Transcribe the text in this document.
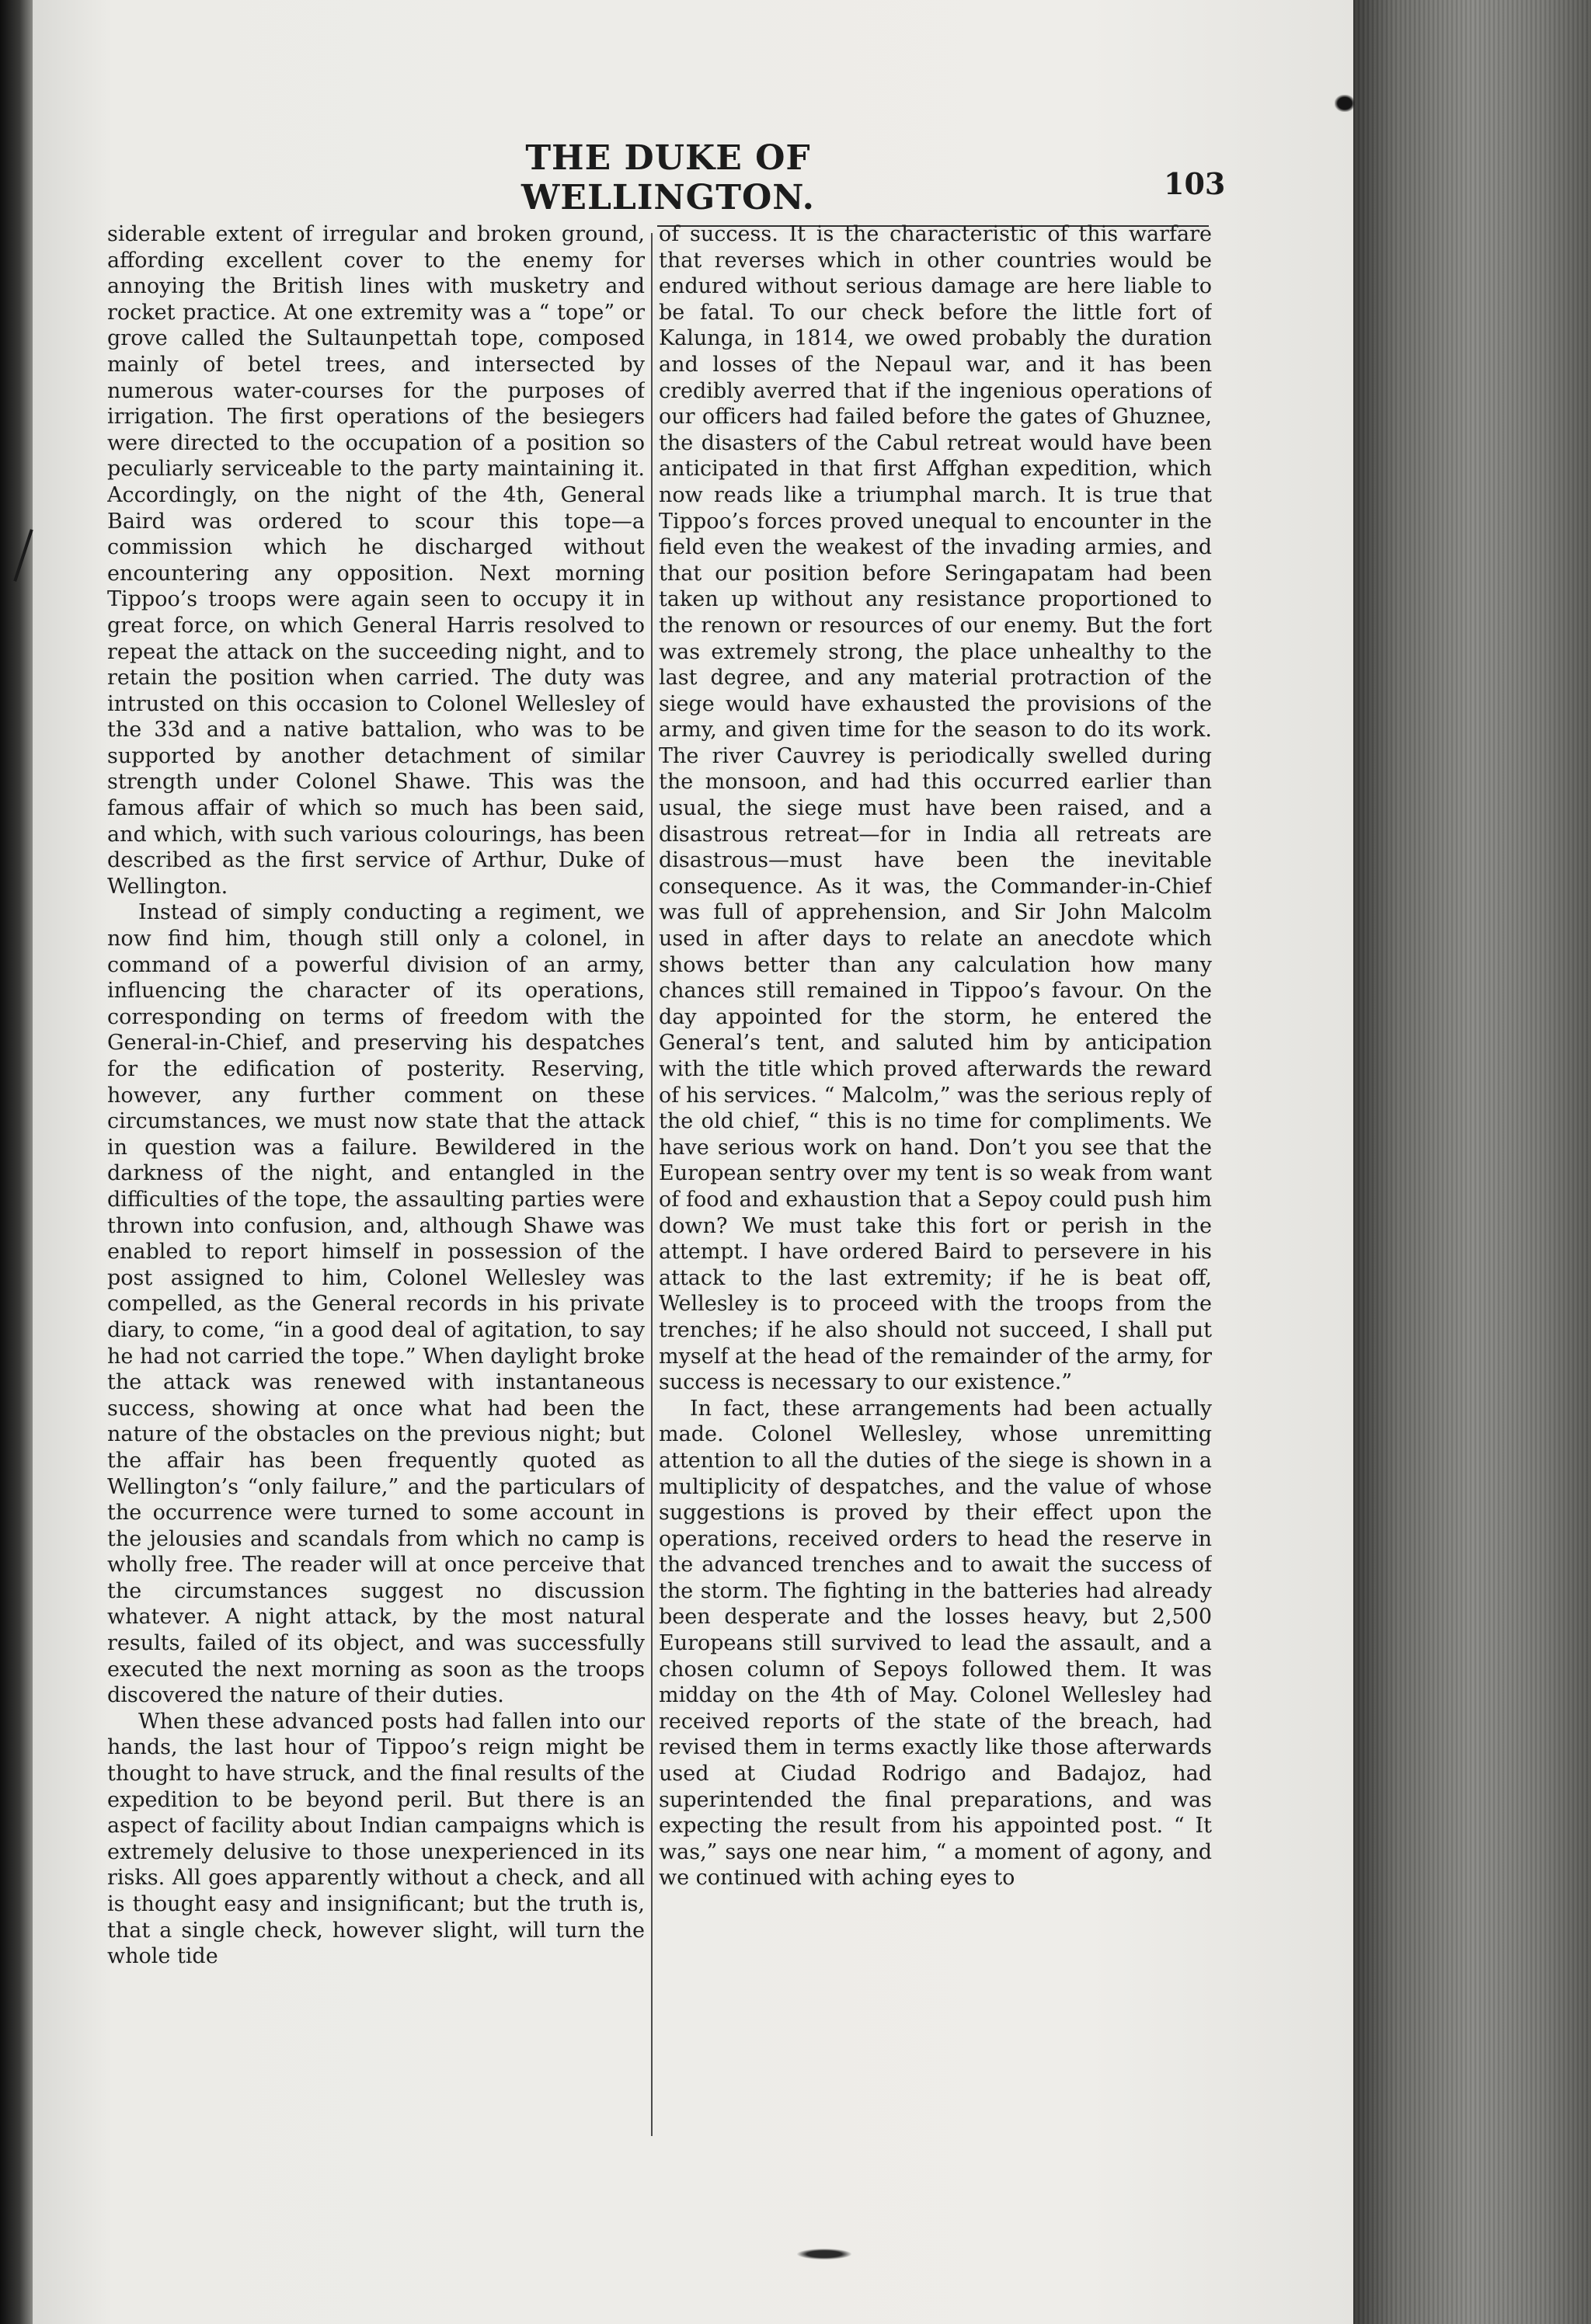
THE DUKE OF WELLINGTON.	103

siderable extent of irregular and broken ground, affording excellent cover to the enemy for annoying the British lines with musketry and rocket practice. At one extremity was a “ tope” or grove called the Sultaunpettah tope, composed mainly of betel trees, and intersected by numerous water-courses for the purposes of irrigation. The first operations of the besiegers were directed to the occupation of a position so peculiarly serviceable to the party maintaining it. Accordingly, on the night of the 4th, General Baird was ordered to scour this tope—a commission which he discharged without encountering any opposition. Next morning Tippoo’s troops were again seen to occupy it in great force, on which General Harris resolved to repeat the attack on the succeeding night, and to retain the position when carried. The duty was intrusted on this occasion to Colonel Wellesley of the 33d and a native battalion, who was to be supported by another detachment of similar strength under Colonel Shawe. This was the famous affair of which so much has been said, and which, with such various colourings, has been described as the first service of Arthur, Duke of Wellington.

Instead of simply conducting a regiment, we now find him, though still only a colonel, in command of a powerful division of an army, influencing the character of its operations, corresponding on terms of freedom with the General-in-Chief, and preserving his despatches for the edification of posterity. Reserving, however, any further comment on these circumstances, we must now state that the attack in question was a failure. Bewildered in the darkness of the night, and entangled in the difficulties of the tope, the assaulting parties were thrown into confusion, and, although Shawe was enabled to report himself in possession of the post assigned to him, Colonel Wellesley was compelled, as the General records in his private diary, to come, “in a good deal of agitation, to say he had not carried the tope.” When daylight broke the attack was renewed with instantaneous success, showing at once what had been the nature of the obstacles on the previous night; but the affair has been frequently quoted as Wellington’s “only failure,” and the particulars of the occurrence were turned to some account in the jelousies and scandals from which no camp is wholly free. The reader will at once perceive that the circumstances suggest no discussion whatever. A night attack, by the most natural results, failed of its object, and was successfully executed the next morning as soon as the troops discovered the nature of their duties.

When these advanced posts had fallen into our hands, the last hour of Tippoo’s reign might be thought to have struck, and the final results of the expedition to be beyond peril. But there is an aspect of facility about Indian campaigns which is extremely delusive to those unexperienced in its risks. All goes apparently without a check, and all is thought easy and insignificant; but the truth is, that a single check, however slight, will turn the whole tide

of success. It is the characteristic of this warfare that reverses which in other countries would be endured without serious damage are here liable to be fatal. To our check before the little fort of Kalunga, in 1814, we owed probably the duration and losses of the Nepaul war, and it has been credibly averred that if the ingenious operations of our officers had failed before the gates of Ghuznee, the disasters of the Cabul retreat would have been anticipated in that first Affghan expedition, which now reads like a triumphal march. It is true that Tippoo’s forces proved unequal to encounter in the field even the weakest of the invading armies, and that our position before Seringapatam had been taken up without any resistance proportioned to the renown or resources of our enemy. But the fort was extremely strong, the place unhealthy to the last degree, and any material protraction of the siege would have exhausted the provisions of the army, and given time for the season to do its work. The river Cauvrey is periodically swelled during the monsoon, and had this occurred earlier than usual, the siege must have been raised, and a disastrous retreat—for in India all retreats are disastrous—must have been the inevitable consequence. As it was, the Commander-in-Chief was full of apprehension, and Sir John Malcolm used in after days to relate an anecdote which shows better than any calculation how many chances still remained in Tippoo’s favour. On the day appointed for the storm, he entered the General’s tent, and saluted him by anticipation with the title which proved afterwards the reward of his services. “ Malcolm,” was the serious reply of the old chief, “ this is no time for compliments. We have serious work on hand. Don’t you see that the European sentry over my tent is so weak from want of food and exhaustion that a Sepoy could push him down? We must take this fort or perish in the attempt. I have ordered Baird to persevere in his attack to the last extremity; if he is beat off, Wellesley is to proceed with the troops from the trenches; if he also should not succeed, I shall put myself at the head of the remainder of the army, for success is necessary to our existence.”

In fact, these arrangements had been actually made. Colonel Wellesley, whose unremitting attention to all the duties of the siege is shown in a multiplicity of despatches, and the value of whose suggestions is proved by their effect upon the operations, received orders to head the reserve in the advanced trenches and to await the success of the storm. The fighting in the batteries had already been desperate and the losses heavy, but 2,500 Europeans still survived to lead the assault, and a chosen column of Sepoys followed them. It was midday on the 4th of May. Colonel Wellesley had received reports of the state of the breach, had revised them in terms exactly like those afterwards used at Ciudad Rodrigo and Badajoz, had superintended the final preparations, and was expecting the result from his appointed post. “ It was,” says one near him, “ a moment of agony, and we continued with aching eyes to
